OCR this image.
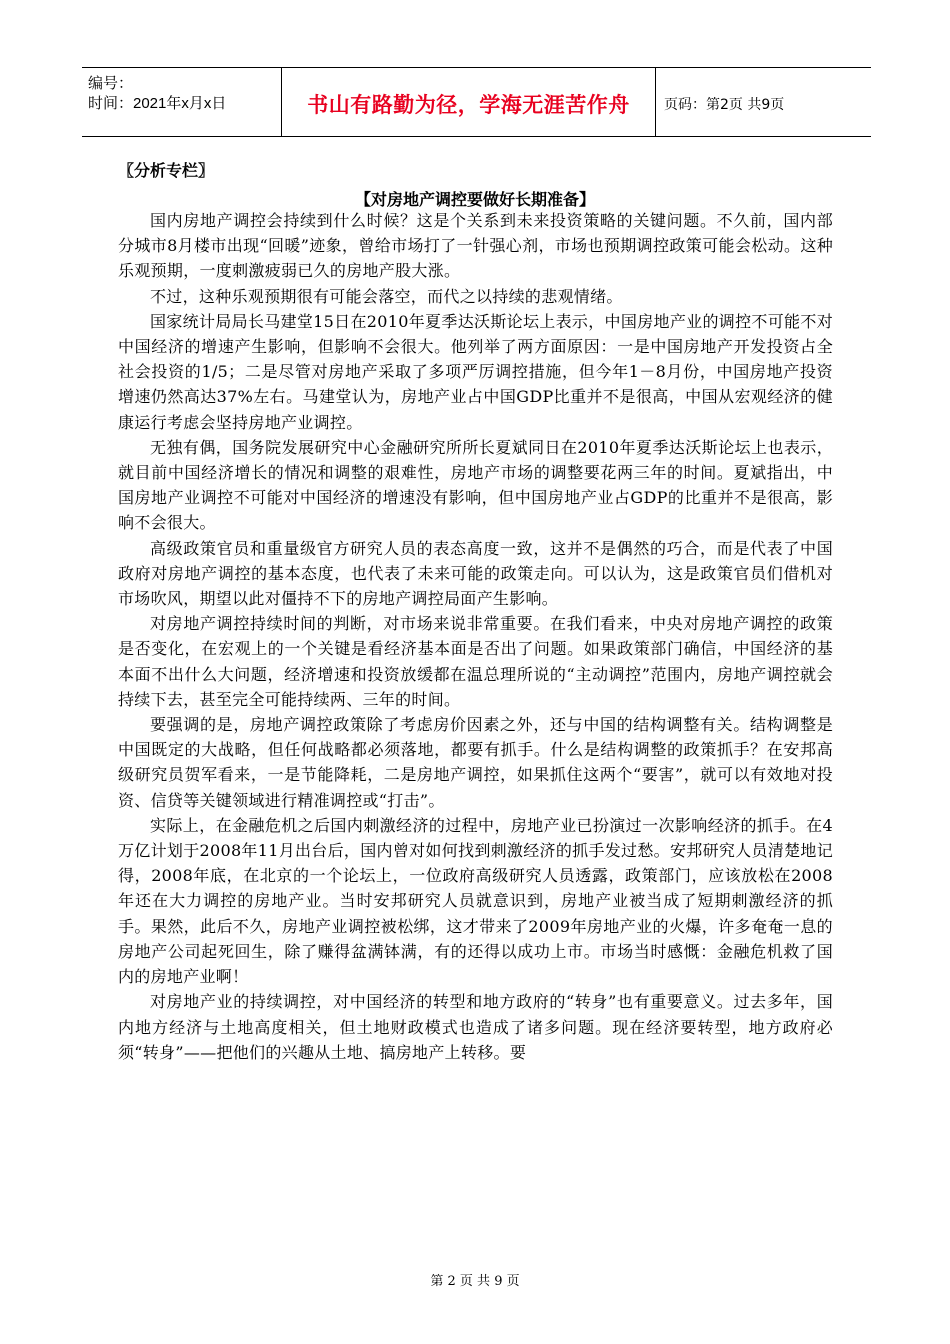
编号：
时间：2021年x月x日	书山有路勤为径，学海无涯苦作舟 页码：第2页 共9页
〖分析专栏〗
【对房地产调控要做好长期准备】

国内房地产调控会持续到什么时候？这是个关系到未来投资策略的关键问题。不久前，国内部分城市8月楼市出现“回暖”迹象，曾给市场打了一针强心剂，市场也预期调控政策可能会松动。这种乐观预期，一度刺激疲弱已久的房地产股大涨。

不过，这种乐观预期很有可能会落空，而代之以持续的悲观情绪。

国家统计局局长马建堂15日在2010年夏季达沃斯论坛上表示，中国房地产业的调控不可能不对中国经济的增速产生影响，但影响不会很大。他列举了两方面原因：一是中国房地产开发投资占全社会投资的1/5；二是尽管对房地产采取了多项严厉调控措施，但今年1－8月份，中国房地产投资增速仍然高达37%左右。马建堂认为，房地产业占中国GDP比重并不是很高，中国从宏观经济的健康运行考虑会坚持房地产业调控。

无独有偶，国务院发展研究中心金融研究所所长夏斌同日在2010年夏季达沃斯论坛上也表示，就目前中国经济增长的情况和调整的艰难性，房地产市场的调整要花两三年的时间。夏斌指出，中国房地产业调控不可能对中国经济的增速没有影响，但中国房地产业占GDP的比重并不是很高，影响不会很大。

高级政策官员和重量级官方研究人员的表态高度一致，这并不是偶然的巧合，而是代表了中国政府对房地产调控的基本态度，也代表了未来可能的政策走向。可以认为，这是政策官员们借机对市场吹风，期望以此对僵持不下的房地产调控局面产生影响。

对房地产调控持续时间的判断，对市场来说非常重要。在我们看来，中央对房地产调控的政策是否变化，在宏观上的一个关键是看经济基本面是否出了问题。如果政策部门确信，中国经济的基本面不出什么大问题，经济增速和投资放缓都在温总理所说的“主动调控”范围内，房地产调控就会持续下去，甚至完全可能持续两、三年的时间。

要强调的是，房地产调控政策除了考虑房价因素之外，还与中国的结构调整有关。结构调整是中国既定的大战略，但任何战略都必须落地，都要有抓手。什么是结构调整的政策抓手？在安邦高级研究员贺军看来，一是节能降耗，二是房地产调控，如果抓住这两个“要害”，就可以有效地对投资、信贷等关键领域进行精准调控或“打击”。

实际上，在金融危机之后国内刺激经济的过程中，房地产业已扮演过一次影响经济的抓手。在4万亿计划于2008年11月出台后，国内曾对如何找到刺激经济的抓手发过愁。安邦研究人员清楚地记得，2008年底，在北京的一个论坛上，一位政府高级研究人员透露，政策部门，应该放松在2008年还在大力调控的房地产业。当时安邦研究人员就意识到，房地产业被当成了短期刺激经济的抓手。果然，此后不久，房地产业调控被松绑，这才带来了2009年房地产业的火爆，许多奄奄一息的房地产公司起死回生，除了赚得盆满钵满，有的还得以成功上市。市场当时感慨：金融危机救了国内的房地产业啊！

对房地产业的持续调控，对中国经济的转型和地方政府的“转身”也有重要意义。过去多年，国内地方经济与土地高度相关，但土地财政模式也造成了诸多问题。现在经济要转型，地方政府必须“转身”——把他们的兴趣从土地、搞房地产上转移。要

第 2 页 共 9 页
